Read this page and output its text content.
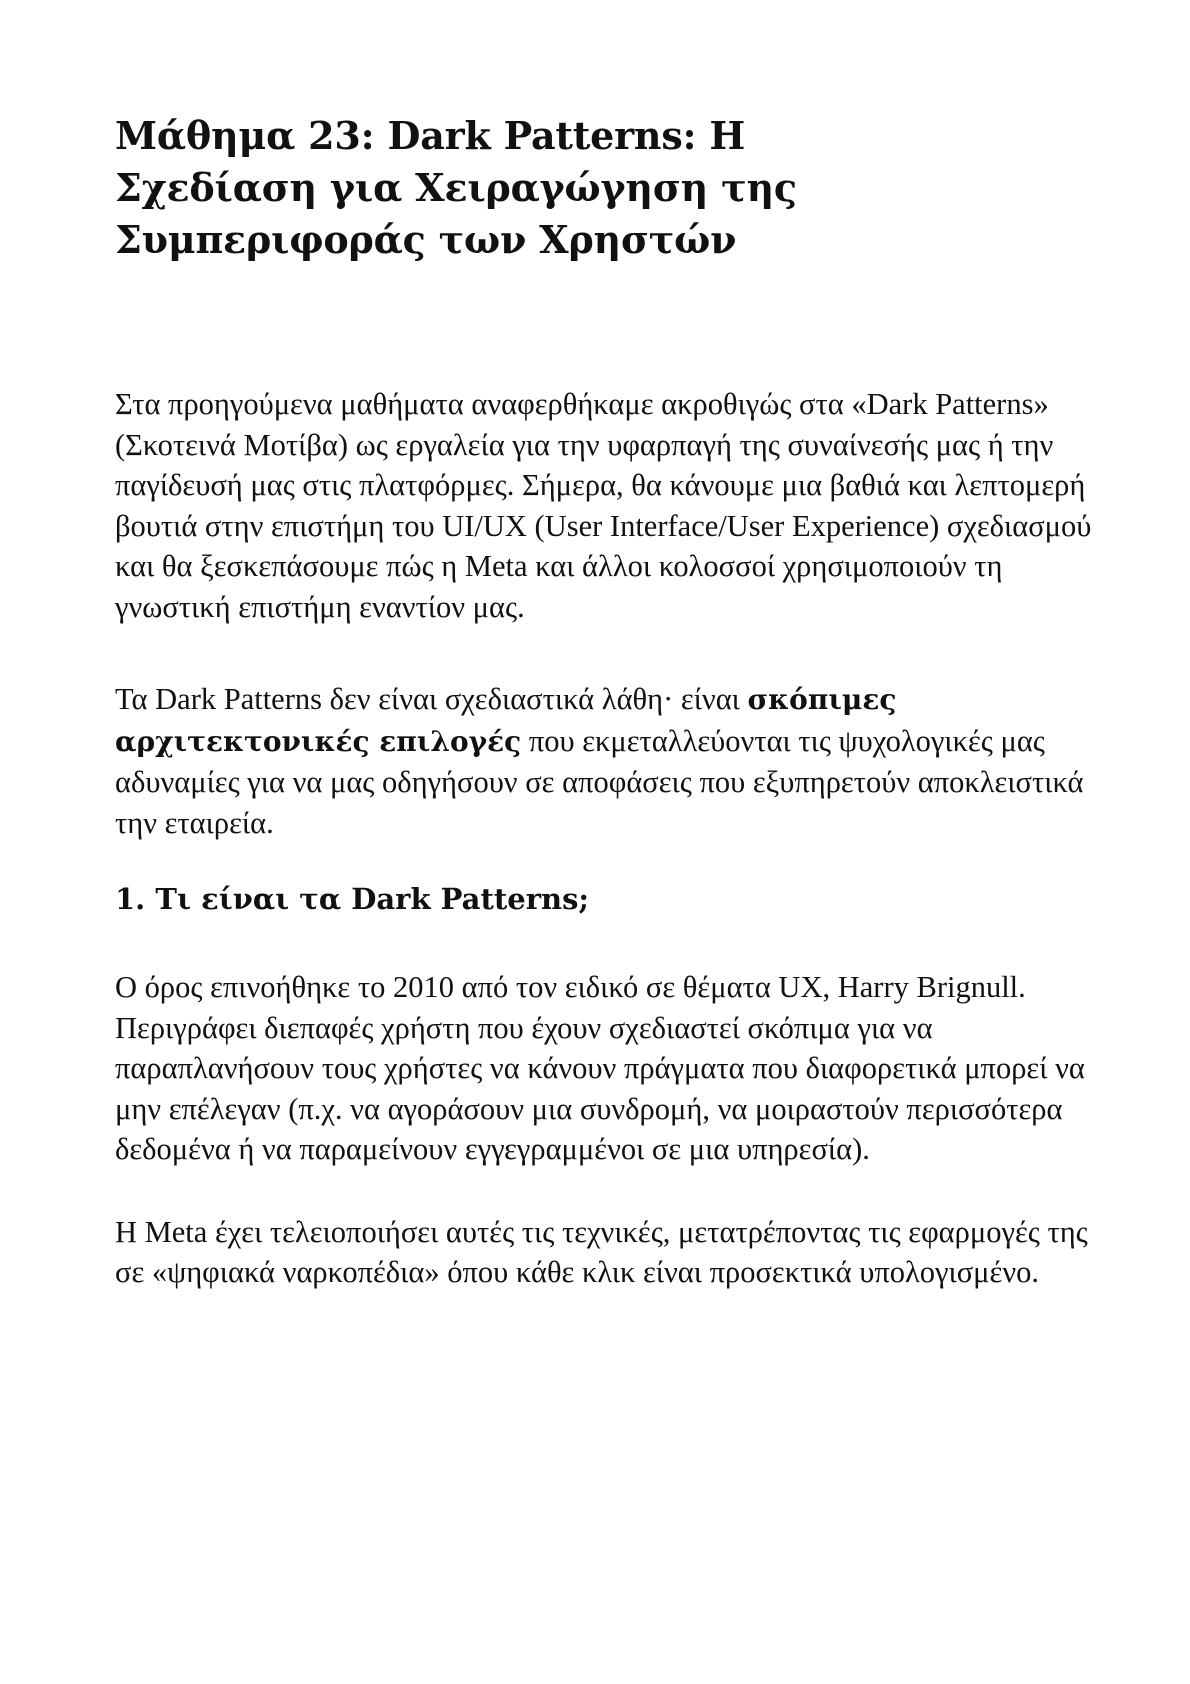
Μάθημα 23: Dark Patterns: Η Σχεδίαση για Χειραγώγηση της Συμπεριφοράς των Χρηστών

Στα προηγούμενα μαθήματα αναφερθήκαμε ακροθιγώς στα «Dark Patterns» (Σκοτεινά Μοτίβα) ως εργαλεία για την υφαρπαγή της συναίνεσής μας ή την παγίδευσή μας στις πλατφόρμες. Σήμερα, θα κάνουμε μια βαθιά και λεπτομερή βουτιά στην επιστήμη του UI/UX (User Interface/User Experience) σχεδιασμού και θα ξεσκεπάσουμε πώς η Meta και άλλοι κολοσσοί χρησιμοποιούν τη γνωστική επιστήμη εναντίον μας.

Τα Dark Patterns δεν είναι σχεδιαστικά λάθη· είναι σκόπιμες αρχιτεκτονικές επιλογές που εκμεταλλεύονται τις ψυχολογικές μας αδυναμίες για να μας οδηγήσουν σε αποφάσεις που εξυπηρετούν αποκλειστικά την εταιρεία.

1. Τι είναι τα Dark Patterns;

Ο όρος επινοήθηκε το 2010 από τον ειδικό σε θέματα UX, Harry Brignull. Περιγράφει διεπαφές χρήστη που έχουν σχεδιαστεί σκόπιμα για να παραπλανήσουν τους χρήστες να κάνουν πράγματα που διαφορετικά μπορεί να μην επέλεγαν (π.χ. να αγοράσουν μια συνδρομή, να μοιραστούν περισσότερα δεδομένα ή να παραμείνουν εγγεγραμμένοι σε μια υπηρεσία).

Η Meta έχει τελειοποιήσει αυτές τις τεχνικές, μετατρέποντας τις εφαρμογές της σε «ψηφιακά ναρκοπέδια» όπου κάθε κλικ είναι προσεκτικά υπολογισμένο.
